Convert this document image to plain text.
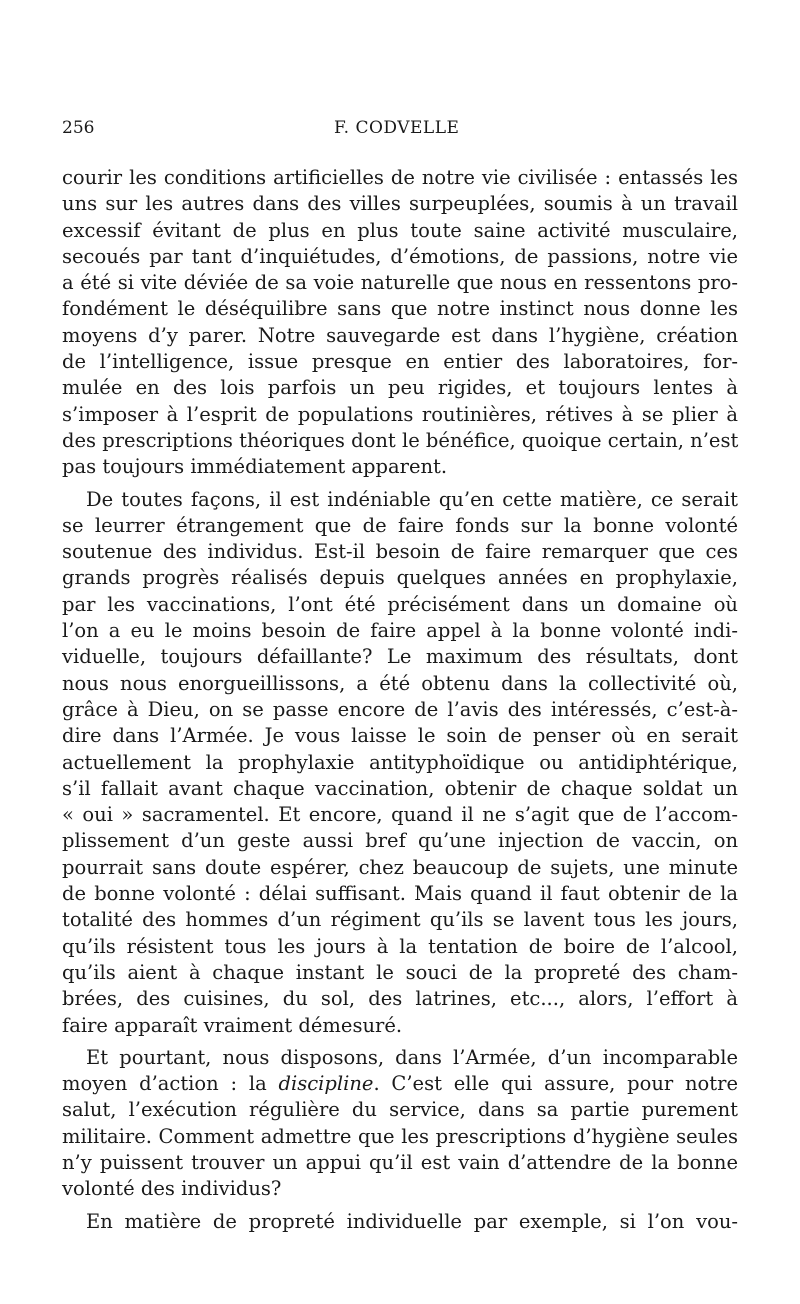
256	F. CODVELLE
courir les conditions artificielles de notre vie civilisée : entassés les
uns sur les autres dans des villes surpeuplées, soumis à un travail
excessif évitant de plus en plus toute saine activité musculaire,
secoués par tant d’inquiétudes, d’émotions, de passions, notre vie
a été si vite déviée de sa voie naturelle que nous en ressentons pro-
fondément le déséquilibre sans que notre instinct nous donne les
moyens d’y parer. Notre sauvegarde est dans l’hygiène, création
de l’intelligence, issue presque en entier des laboratoires, for-
mulée en des lois parfois un peu rigides, et toujours lentes à
s’imposer à l’esprit de populations routinières, rétives à se plier à
des prescriptions théoriques dont le bénéfice, quoique certain, n’est
pas toujours immédiatement apparent.
De toutes façons, il est indéniable qu’en cette matière, ce serait
se leurrer étrangement que de faire fonds sur la bonne volonté
soutenue des individus. Est-il besoin de faire remarquer que ces
grands progrès réalisés depuis quelques années en prophylaxie,
par les vaccinations, l’ont été précisément dans un domaine où
l’on a eu le moins besoin de faire appel à la bonne volonté indi-
viduelle, toujours défaillante? Le maximum des résultats, dont
nous nous enorgueillissons, a été obtenu dans la collectivité où,
grâce à Dieu, on se passe encore de l’avis des intéressés, c’est-à-
dire dans l’Armée. Je vous laisse le soin de penser où en serait
actuellement la prophylaxie antityphoïdique ou antidiphtérique,
s’il fallait avant chaque vaccination, obtenir de chaque soldat un
« oui » sacramentel. Et encore, quand il ne s’agit que de l’accom-
plissement d’un geste aussi bref qu’une injection de vaccin, on
pourrait sans doute espérer, chez beaucoup de sujets, une minute
de bonne volonté : délai suffisant. Mais quand il faut obtenir de la
totalité des hommes d’un régiment qu’ils se lavent tous les jours,
qu’ils résistent tous les jours à la tentation de boire de l’alcool,
qu’ils aient à chaque instant le souci de la propreté des cham-
brées, des cuisines, du sol, des latrines, etc..., alors, l’effort à
faire apparaît vraiment démesuré.
Et pourtant, nous disposons, dans l’Armée, d’un incomparable
moyen d’action : la discipline. C’est elle qui assure, pour notre
salut, l’exécution régulière du service, dans sa partie purement
militaire. Comment admettre que les prescriptions d’hygiène seules
n’y puissent trouver un appui qu’il est vain d’attendre de la bonne
volonté des individus?
En matière de propreté individuelle par exemple, si l’on vou-
